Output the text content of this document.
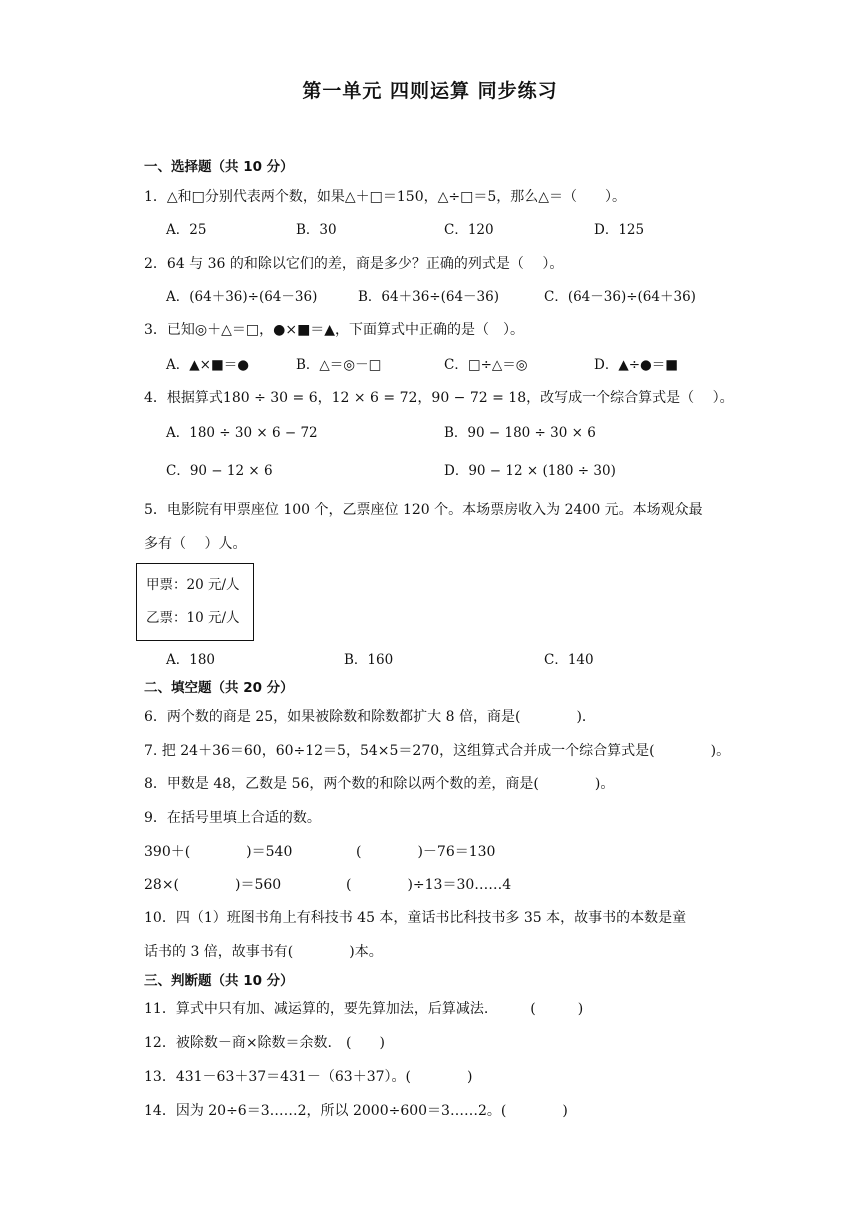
第一单元 四则运算 同步练习
一、选择题（共 10 分）
1．△和□分别代表两个数，如果△＋□＝150，△÷□＝5，那么△＝（　　）。
A．25	B．30	C．120	D．125
2．64 与 36 的和除以它们的差，商是多少？正确的列式是（　 ）。
A．(64＋36)÷(64－36)	B．64＋36÷(64－36)	C．(64－36)÷(64＋36)
3．已知◎＋△＝□，●×■＝▲，下面算式中正确的是（　）。
A．▲×■＝●	B．△＝◎－□	C．□÷△＝◎	D．▲÷●＝■
4．根据算式180 ÷ 30 = 6，12 × 6 = 72，90 − 72 = 18，改写成一个综合算式是（　 ）。
A．180 ÷ 30 × 6 − 72	B．90 − 180 ÷ 30 × 6
C．90 − 12 × 6	D．90 − 12 × (180 ÷ 30)
5．电影院有甲票座位 100 个，乙票座位 120 个。本场票房收入为 2400 元。本场观众最
多有（　 ）人。
甲票：20 元/人
乙票：10 元/人
A．180	B．160	C．140
二、填空题（共 20 分）
6．两个数的商是 25，如果被除数和除数都扩大 8 倍，商是(　　　　)．
7. 把 24＋36＝60，60÷12＝5，54×5＝270，这组算式合并成一个综合算式是(　　　　)。
8．甲数是 48，乙数是 56，两个数的和除以两个数的差，商是(　　　　)。
9．在括号里填上合适的数。
390＋(　　　　)＝540	(　　　　)－76＝130
28×(　　　　)＝560	(　　　　)÷13＝30……4
10．四（1）班图书角上有科技书 45 本，童话书比科技书多 35 本，故事书的本数是童
话书的 3 倍，故事书有(　　　　)本。
三、判断题（共 10 分）
11．算式中只有加、减运算的，要先算加法，后算减法.　　　(　　　)
12．被除数－商×除数＝余数.　(　　)
13．431－63＋37＝431－（63＋37）。(　　　　)
14．因为 20÷6＝3……2，所以 2000÷600＝3……2。(　　　　)
